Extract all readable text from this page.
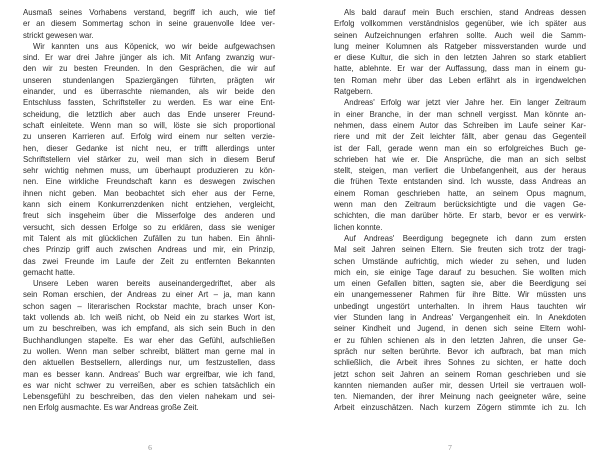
Ausmaß seines Vorhabens verstand, begriff ich auch, wie tief
er an diesem Sommertag schon in seine grauenvolle Idee ver-
strickt gewesen war.
Wir kannten uns aus Köpenick, wo wir beide aufgewachsen
sind. Er war drei Jahre jünger als ich. Mit Anfang zwanzig wur-
den wir zu besten Freunden. In den Gesprächen, die wir auf
unseren stundenlangen Spaziergängen führten, prägten wir
einander, und es überraschte niemanden, als wir beide den
Entschluss fassten, Schriftsteller zu werden. Es war eine Ent-
scheidung, die letztlich aber auch das Ende unserer Freund-
schaft einleitete. Wenn man so will, löste sie sich proportional
zu unseren Karrieren auf. Erfolg wird einem nur selten verzie-
hen, dieser Gedanke ist nicht neu, er trifft allerdings unter
Schriftstellern viel stärker zu, weil man sich in diesem Beruf
sehr wichtig nehmen muss, um überhaupt produzieren zu kön-
nen. Eine wirkliche Freundschaft kann es deswegen zwischen
ihnen nicht geben. Man beobachtet sich eher aus der Ferne,
kann sich einem Konkurrenzdenken nicht entziehen, vergleicht,
freut sich insgeheim über die Misserfolge des anderen und
versucht, sich dessen Erfolge so zu erklären, dass sie weniger
mit Talent als mit glücklichen Zufällen zu tun haben. Ein ähnli-
ches Prinzip griff auch zwischen Andreas und mir, ein Prinzip,
das zwei Freunde im Laufe der Zeit zu entfernten Bekannten
gemacht hatte.
Unsere Leben waren bereits auseinandergedriftet, aber als
sein Roman erschien, der Andreas zu einer Art – ja, man kann
schon sagen – literarischen Rockstar machte, brach unser Kon-
takt vollends ab. Ich weiß nicht, ob Neid ein zu starkes Wort ist,
um zu beschreiben, was ich empfand, als sich sein Buch in den
Buchhandlungen stapelte. Es war eher das Gefühl, aufschließen
zu wollen. Wenn man selber schreibt, blättert man gerne mal in
den aktuellen Bestsellern, allerdings nur, um festzustellen, dass
man es besser kann. Andreas' Buch war ergreifbar, wie ich fand,
es war nicht schwer zu verreißen, aber es schien tatsächlich ein
Lebensgefühl zu beschreiben, das den vielen nahekam und sei-
nen Erfolg ausmachte. Es war Andreas große Zeit.
6
Als bald darauf mein Buch erschien, stand Andreas dessen
Erfolg vollkommen verständnislos gegenüber, wie ich später aus
seinen Aufzeichnungen erfahren sollte. Auch weil die Samm-
lung meiner Kolumnen als Ratgeber missverstanden wurde und
er diese Kultur, die sich in den letzten Jahren so stark etabliert
hatte, ablehnte. Er war der Auffassung, dass man in einem gu-
ten Roman mehr über das Leben erfährt als in irgendwelchen
Ratgebern.
Andreas' Erfolg war jetzt vier Jahre her. Ein langer Zeitraum
in einer Branche, in der man schnell vergisst. Man könnte an-
nehmen, dass einem Autor das Schreiben im Laufe seiner Kar-
riere und mit der Zeit leichter fällt, aber genau das Gegenteil
ist der Fall, gerade wenn man ein so erfolgreiches Buch ge-
schrieben hat wie er. Die Ansprüche, die man an sich selbst
stellt, steigen, man verliert die Unbefangenheit, aus der heraus
die frühen Texte entstanden sind. Ich wusste, dass Andreas an
einem Roman geschrieben hatte, an seinem Opus magnum,
wenn man den Zeitraum berücksichtigte und die vagen Ge-
schichten, die man darüber hörte. Er starb, bevor er es verwirk-
lichen konnte.
Auf Andreas' Beerdigung begegnete ich dann zum ersten
Mal seit Jahren seinen Eltern. Sie freuten sich trotz der tragi-
schen Umstände aufrichtig, mich wieder zu sehen, und luden
mich ein, sie einige Tage darauf zu besuchen. Sie wollten mich
um einen Gefallen bitten, sagten sie, aber die Beerdigung sei
ein unangemessener Rahmen für ihre Bitte. Wir müssten uns
unbedingt ungestört unterhalten. In ihrem Haus tauchten wir
vier Stunden lang in Andreas' Vergangenheit ein. In Anekdoten
seiner Kindheit und Jugend, in denen sich seine Eltern wohl-
er zu fühlen schienen als in den letzten Jahren, die unser Ge-
spräch nur selten berührte. Bevor ich aufbrach, bat man mich
schließlich, die Arbeit ihres Sohnes zu sichten, er hatte doch
jetzt schon seit Jahren an seinem Roman geschrieben und sie
kannten niemanden außer mir, dessen Urteil sie vertrauen woll-
ten. Niemanden, der ihrer Meinung nach geeigneter wäre, seine
Arbeit einzuschätzen. Nach kurzem Zögern stimmte ich zu. Ich
7
